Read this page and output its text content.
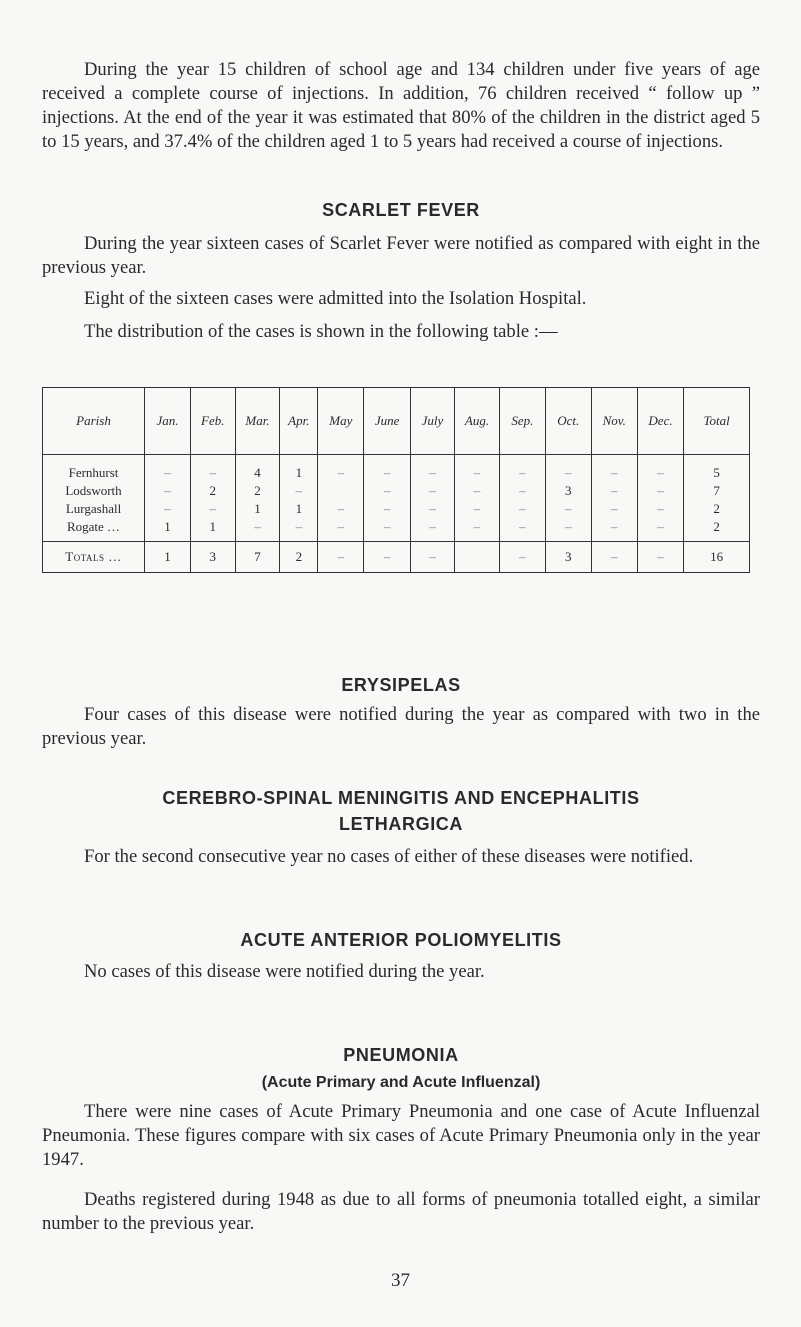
During the year 15 children of school age and 134 children under five years of age received a complete course of injections. In addition, 76 children received “ follow up ” injections. At the end of the year it was estimated that 80% of the children in the district aged 5 to 15 years, and 37.4% of the children aged 1 to 5 years had received a course of injections.

SCARLET FEVER

During the year sixteen cases of Scarlet Fever were notified as compared with eight in the previous year.

Eight of the sixteen cases were admitted into the Isolation Hospital.

The distribution of the cases is shown in the following table :—

Parish	Jan.	Feb.	Mar.	Apr.	May	June	July	Aug.	Sep.	Oct.	Nov.	Dec.	Total
Fernhurst	–	–	4	1	–	–	–	–	–	–	–	–	5
Lodsworth	–	2	2	–		–	–	–	–	3	–	–	7
Lurgashall	–	–	1	1	–	–	–	–	–	–	–	–	2
Rogate …	1	1	–	–	–	–	–	–	–	–	–	–	2
Totals …	1	3	7	2	–	–	–		–	3	–	–	16
ERYSIPELAS

Four cases of this disease were notified during the year as compared with two in the previous year.

CEREBRO-SPINAL MENINGITIS AND ENCEPHALITIS
LETHARGICA

For the second consecutive year no cases of either of these diseases were notified.

ACUTE ANTERIOR POLIOMYELITIS

No cases of this disease were notified during the year.

PNEUMONIA
(Acute Primary and Acute Influenzal)

There were nine cases of Acute Primary Pneumonia and one case of Acute Influenzal Pneumonia. These figures compare with six cases of Acute Primary Pneumonia only in the year 1947.

Deaths registered during 1948 as due to all forms of pneumonia totalled eight, a similar number to the previous year.

37
